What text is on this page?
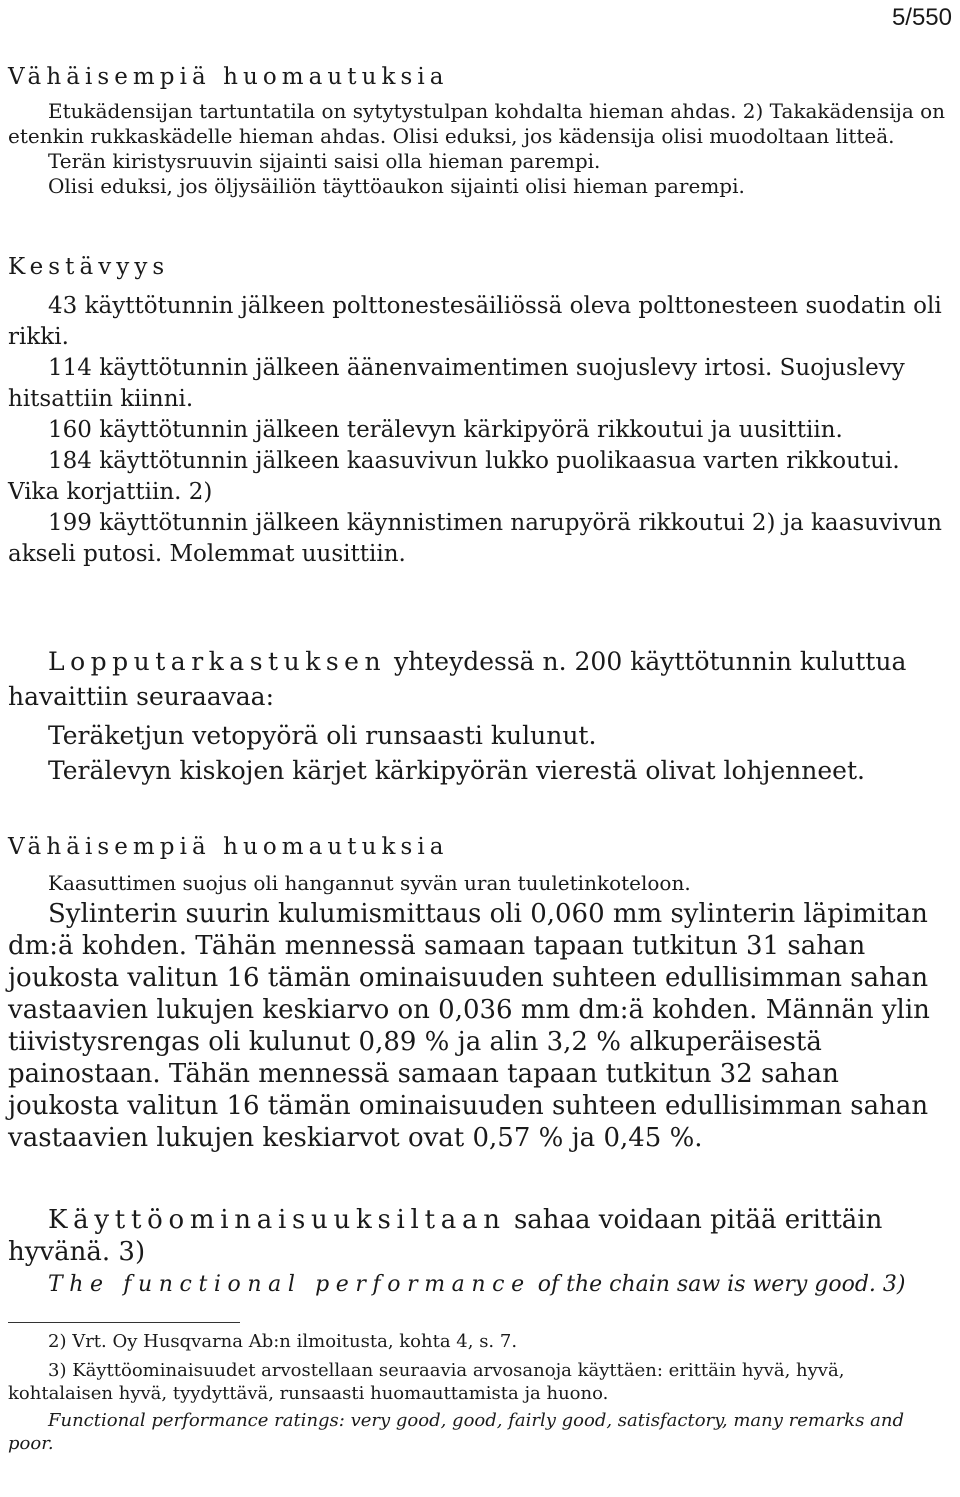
5/550

Vähäisempiä huomautuksia

Etukädensijan tartuntatila on sytytystulpan kohdalta hieman ahdas. 2) Takakädensija on etenkin rukkaskädelle hieman ahdas. Olisi eduksi, jos kädensija olisi muodoltaan litteä.

Terän kiristysruuvin sijainti saisi olla hieman parempi.

Olisi eduksi, jos öljysäiliön täyttöaukon sijainti olisi hieman parempi.

Kestävyys

43 käyttötunnin jälkeen polttonestesäiliössä oleva polttonesteen suodatin oli rikki.

114 käyttötunnin jälkeen äänenvaimentimen suojuslevy irtosi. Suojuslevy hitsattiin kiinni.

160 käyttötunnin jälkeen terälevyn kärkipyörä rikkoutui ja uusittiin.

184 käyttötunnin jälkeen kaasuvivun lukko puolikaasua varten rikkoutui. Vika korjattiin. 2)

199 käyttötunnin jälkeen käynnistimen narupyörä rikkoutui 2) ja kaasuvivun akseli putosi. Molemmat uusittiin.

Lopputarkastuksen yhteydessä n. 200 käyttötunnin kuluttua havaittiin seuraavaa:

Teräketjun vetopyörä oli runsaasti kulunut.

Terälevyn kiskojen kärjet kärkipyörän vierestä olivat lohjenneet.

Vähäisempiä huomautuksia

Kaasuttimen suojus oli hangannut syvän uran tuuletinkoteloon.

Sylinterin suurin kulumismittaus oli 0,060 mm sylinterin läpimitan dm:ä kohden. Tähän mennessä samaan tapaan tutkitun 31 sahan joukosta valitun 16 tämän ominaisuuden suhteen edullisimman sahan vastaavien lukujen keskiarvo on 0,036 mm dm:ä kohden. Männän ylin tiivistysrengas oli kulunut 0,89 % ja alin 3,2 % alkuperäisestä painostaan. Tähän mennessä samaan tapaan tutkitun 32 sahan joukosta valitun 16 tämän ominaisuuden suhteen edullisimman sahan vastaavien lukujen keskiarvot ovat 0,57 % ja 0,45 %.

Käyttöominaisuuksiltaan sahaa voidaan pitää erittäin hyvänä. 3)

The functional performance of the chain saw is wery good. 3)

2) Vrt. Oy Husqvarna Ab:n ilmoitusta, kohta 4, s. 7.

3) Käyttöominaisuudet arvostellaan seuraavia arvosanoja käyttäen: erittäin hyvä, hyvä, kohtalaisen hyvä, tyydyttävä, runsaasti huomauttamista ja huono.

Functional performance ratings: very good, good, fairly good, satisfactory, many remarks and poor.
